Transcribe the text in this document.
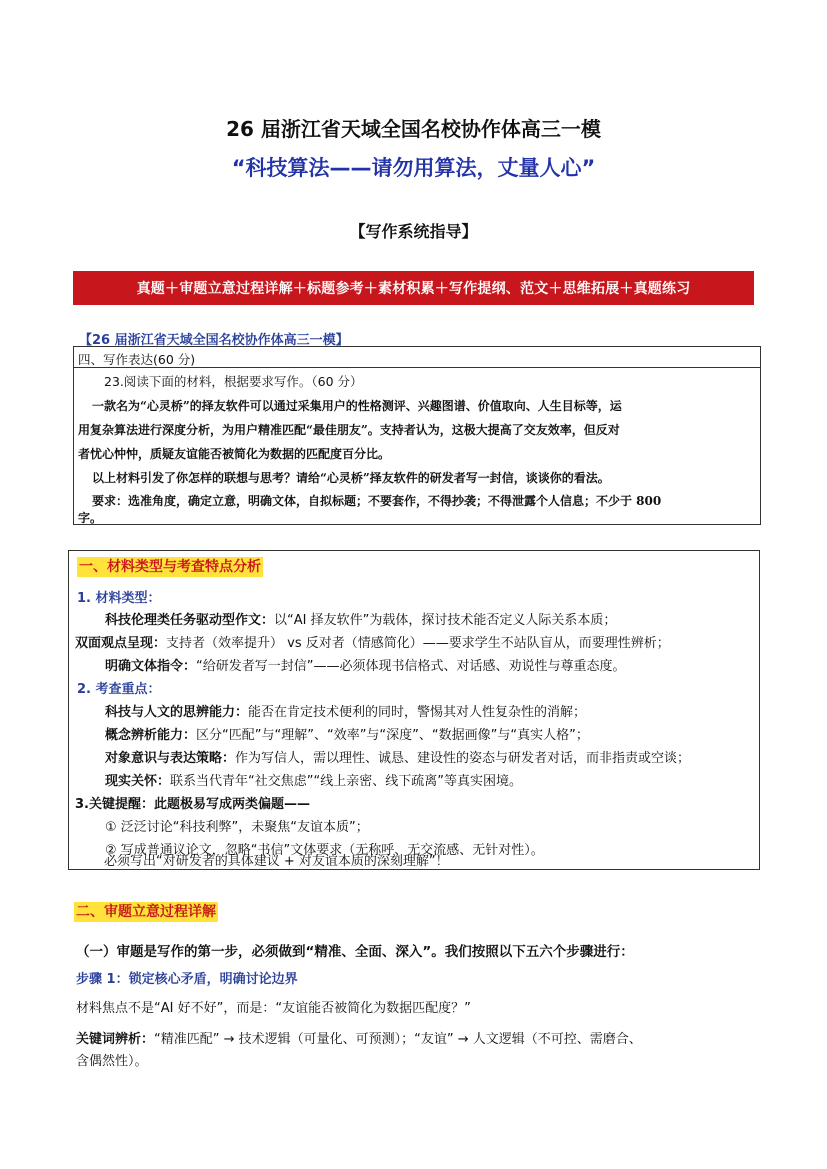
26 届浙江省天域全国名校协作体高三一模
“科技算法——请勿用算法，丈量人心”
【写作系统指导】
真题＋审题立意过程详解＋标题参考＋素材积累＋写作提纲、范文＋思维拓展＋真题练习
【26 届浙江省天域全国名校协作体高三一模】
四、写作表达(60 分)
23.阅读下面的材料，根据要求写作。（60 分）
一款名为“心灵桥”的择友软件可以通过采集用户的性格测评、兴趣图谱、价值取向、人生目标等，运
用复杂算法进行深度分析，为用户精准匹配“最佳朋友”。支持者认为，这极大提高了交友效率，但反对
者忧心忡忡，质疑友谊能否被简化为数据的匹配度百分比。
以上材料引发了你怎样的联想与思考？请给“心灵桥”择友软件的研发者写一封信，谈谈你的看法。
要求：选准角度，确定立意，明确文体，自拟标题；不要套作，不得抄袭；不得泄露个人信息；不少于 800
字。
一、材料类型与考查特点分析
1. 材料类型：
科技伦理类任务驱动型作文：以“AI 择友软件”为载体，探讨技术能否定义人际关系本质；
双面观点呈现：支持者（效率提升） vs 反对者（情感简化）——要求学生不站队盲从，而要理性辨析；
明确文体指令：“给研发者写一封信”——必须体现书信格式、对话感、劝说性与尊重态度。
2. 考查重点：
科技与人文的思辨能力：能否在肯定技术便利的同时，警惕其对人性复杂性的消解；
概念辨析能力：区分“匹配”与“理解”、“效率”与“深度”、“数据画像”与“真实人格”；
对象意识与表达策略：作为写信人，需以理性、诚恳、建设性的姿态与研发者对话，而非指责或空谈；
现实关怀：联系当代青年“社交焦虑”“线上亲密、线下疏离”等真实困境。
3.关键提醒：此题极易写成两类偏题——
① 泛泛讨论“科技利弊”，未聚焦“友谊本质”；
② 写成普通议论文，忽略“书信”文体要求（无称呼、无交流感、无针对性）。
必须写出“对研发者的具体建议 + 对友谊本质的深刻理解”！
二、审题立意过程详解
（一）审题是写作的第一步，必须做到“精准、全面、深入”。我们按照以下五六个步骤进行：
步骤 1：锁定核心矛盾，明确讨论边界
材料焦点不是“AI 好不好”，而是：“友谊能否被简化为数据匹配度？”
关键词辨析：“精准匹配” → 技术逻辑（可量化、可预测）；“友谊” → 人文逻辑（不可控、需磨合、
含偶然性）。
